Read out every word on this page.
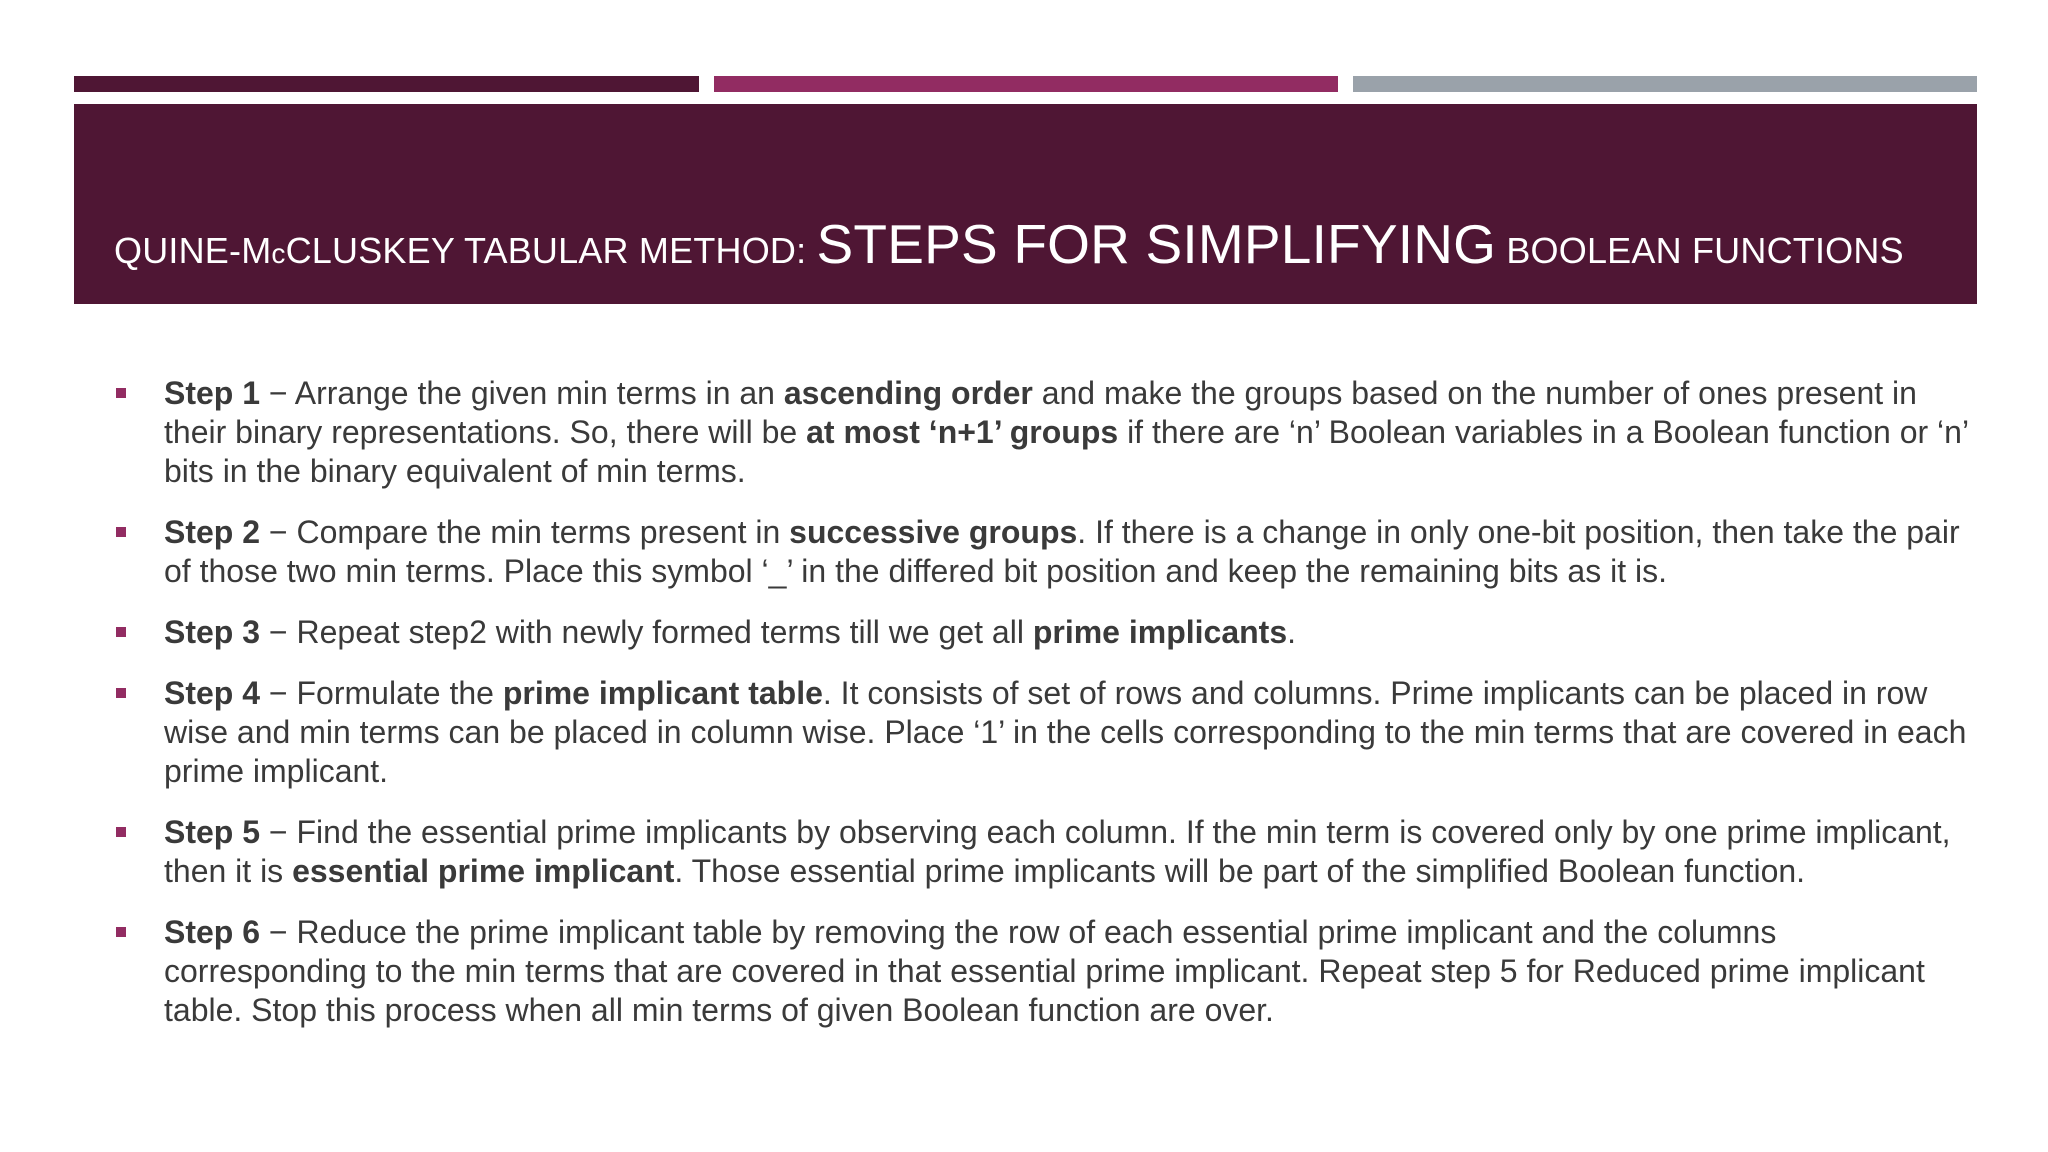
QUINE-McCLUSKEY TABULAR METHOD: STEPS FOR SIMPLIFYING BOOLEAN FUNCTIONS
Step 1 − Arrange the given min terms in an ascending order and make the groups based on the number of ones present in their binary representations. So, there will be at most ‘n+1’ groups if there are ‘n’ Boolean variables in a Boolean function or ‘n’ bits in the binary equivalent of min terms.
Step 2 − Compare the min terms present in successive groups. If there is a change in only one-bit position, then take the pair of those two min terms. Place this symbol ‘_’ in the differed bit position and keep the remaining bits as it is.
Step 3 − Repeat step2 with newly formed terms till we get all prime implicants.
Step 4 − Formulate the prime implicant table. It consists of set of rows and columns. Prime implicants can be placed in row wise and min terms can be placed in column wise. Place ‘1’ in the cells corresponding to the min terms that are covered in each prime implicant.
Step 5 − Find the essential prime implicants by observing each column. If the min term is covered only by one prime implicant, then it is essential prime implicant. Those essential prime implicants will be part of the simplified Boolean function.
Step 6 − Reduce the prime implicant table by removing the row of each essential prime implicant and the columns corresponding to the min terms that are covered in that essential prime implicant. Repeat step 5 for Reduced prime implicant table. Stop this process when all min terms of given Boolean function are over.
